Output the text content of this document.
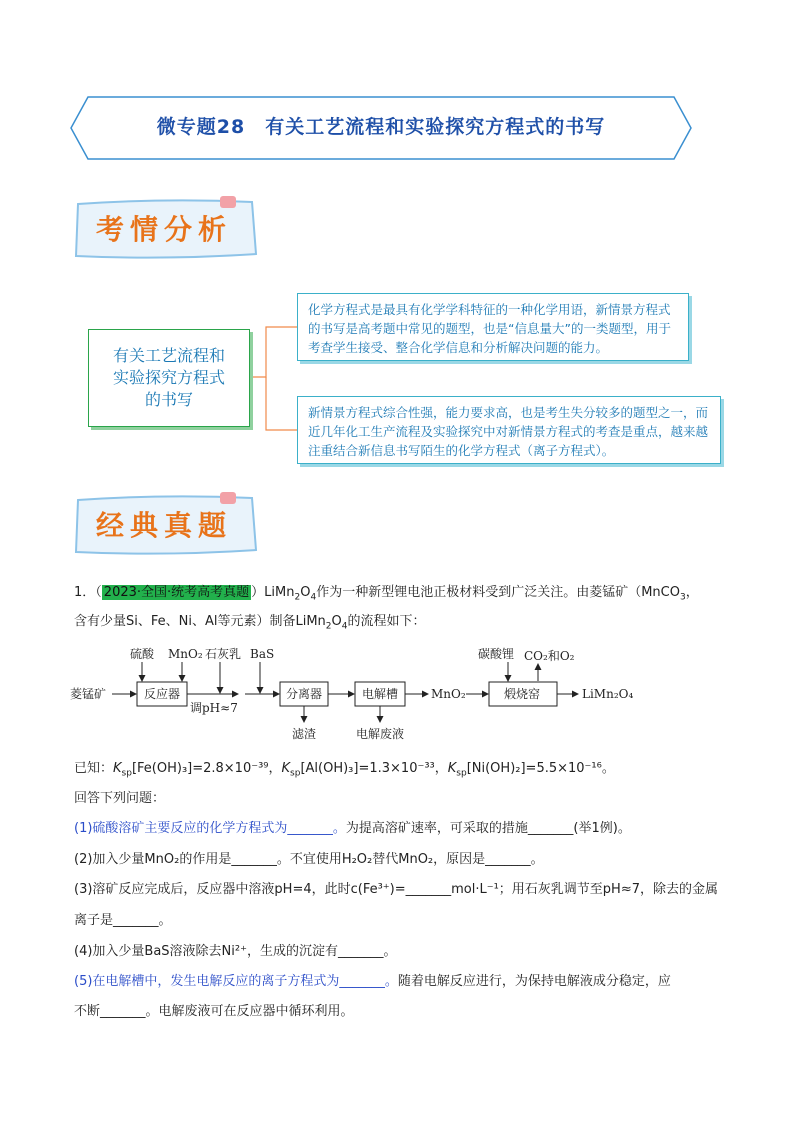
微专题28　有关工艺流程和实验探究方程式的书写
考情分析
有关工艺流程和实验探究方程式的书写
化学方程式是最具有化学学科特征的一种化学用语，新情景方程式的书写是高考题中常见的题型，也是“信息量大”的一类题型，用于考查学生接受、整合化学信息和分析解决问题的能力。
新情景方程式综合性强，能力要求高，也是考生失分较多的题型之一，而近几年化工生产流程及实验探究中对新情景方程式的考查是重点，越来越注重结合新信息书写陌生的化学方程式（离子方程式）。
经典真题
1．（ 2023·全国·统考高考真题 ）$LiMn_2O_4$作为一种新型锂电池正极材料受到广泛关注。由菱锰矿（MnCO$_3$，
含有少量Si、Fe、Ni、Al等元素）制备$LiMn_2O_4$的流程如下：
菱锰矿
硫酸 MnO₂ 石灰乳 BaS
反应器
调pH≈7
分离器
滤渣
电解槽
电解废液
MnO₂
碳酸锂 CO₂和O₂
煅烧窑	LiMn₂O₄
已知：$K_{sp}[Fe(OH)_3]=2.8\times 10^{-39}$，$K_{sp}[Al(OH)_3]=1.3\times 10^{-33}$，$K_{sp}[Ni(OH)_2]=5.5\times 10^{-16}$。
回答下列问题：
(1)硫酸溶矿主要反应的化学方程式为_______。为提高溶矿速率，可采取的措施_______(举1例)。
(2)加入少量MnO₂的作用是_______。不宜使用H₂O₂替代MnO₂，原因是_______。
(3)溶矿反应完成后，反应器中溶液pH=4，此时c(Fe³⁺)=_______mol·L⁻¹；用石灰乳调节至pH≈7，除去的金属
离子是_______。
(4)加入少量BaS溶液除去Ni²⁺，生成的沉淀有_______。
(5)在电解槽中，发生电解反应的离子方程式为_______。随着电解反应进行，为保持电解液成分稳定，应
不断_______。电解废液可在反应器中循环利用。
